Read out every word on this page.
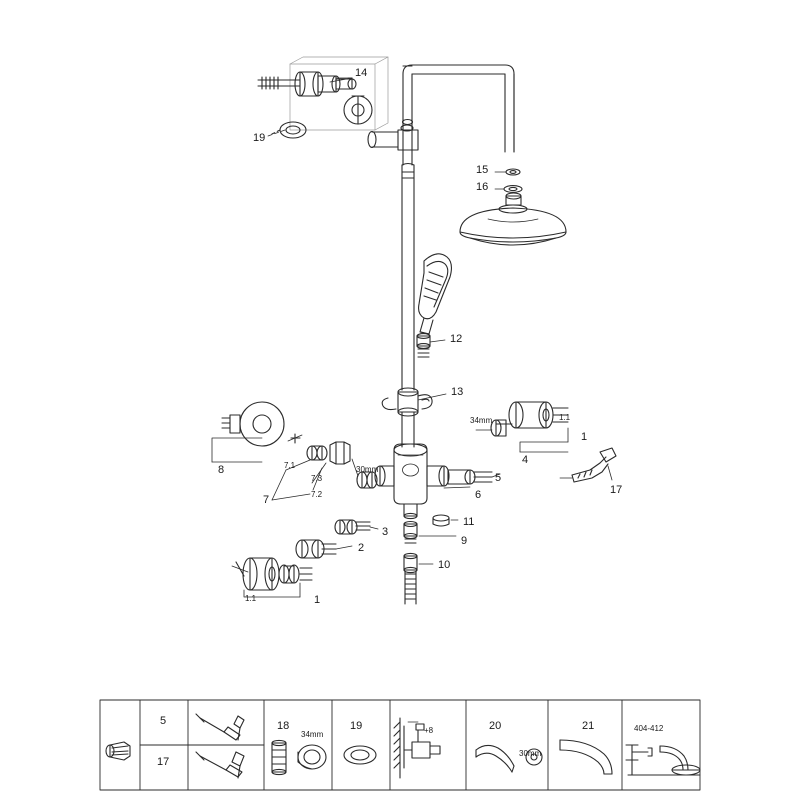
14
19
15
16
12
13
34mm	1.1
1
4
8	7.1
7.3
30mm
7.2
7
5
6	17
3
11
9
2
10
1.1	1
5
17
18
34mm
19	+8	20
30mm
21	404-412
